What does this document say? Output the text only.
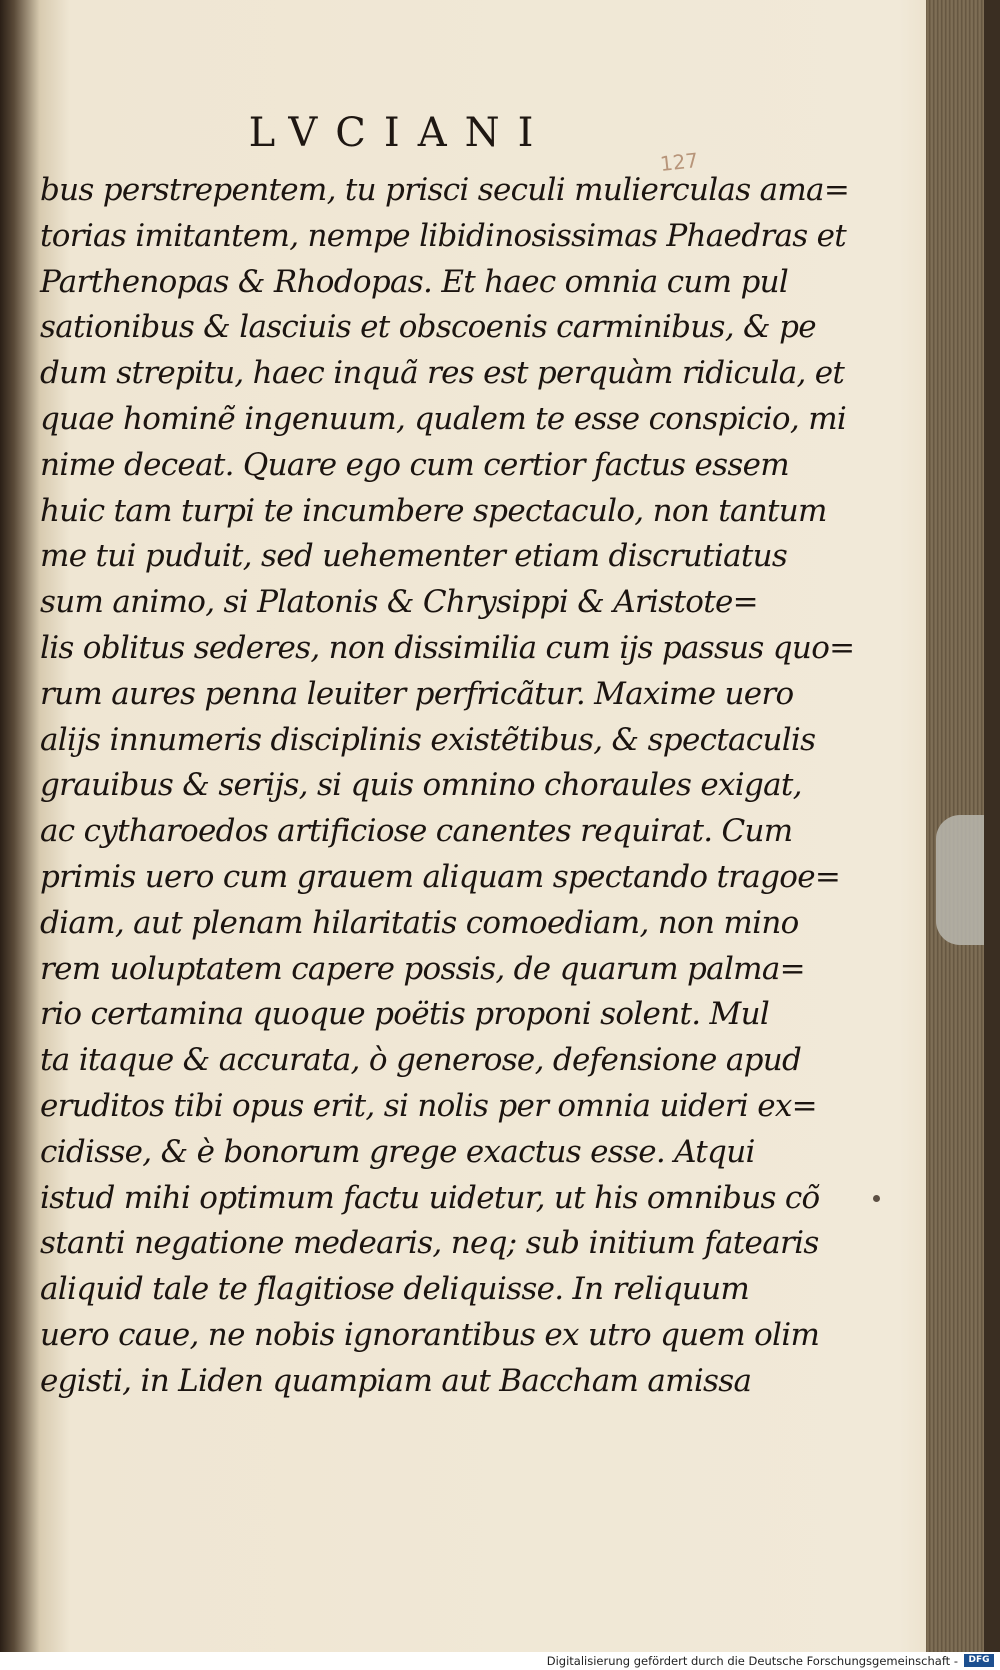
LVCIANI
127
bus perstrepentem, tu prisci seculi mulierculas ama=
torias imitantem, nempe libidinosissimas Phaedras et
Parthenopas & Rhodopas. Et haec omnia cum pul
sationibus & lasciuis et obscoenis carminibus, & pe
dum strepitu, haec inquã res est perquàm ridicula, et
quae hominẽ ingenuum, qualem te esse conspicio, mi
nime deceat. Quare ego cum certior factus essem
huic tam turpi te incumbere spectaculo, non tantum
me tui puduit, sed uehementer etiam discrutiatus
sum animo, si Platonis & Chrysippi & Aristote=
lis oblitus sederes, non dissimilia cum ijs passus quo=
rum aures penna leuiter perfricãtur. Maxime uero
alijs innumeris disciplinis existẽtibus, & spectaculis
grauibus & serijs, si quis omnino choraules exigat,
ac cytharoedos artificiose canentes requirat. Cum
primis uero cum grauem aliquam spectando tragoe=
diam, aut plenam hilaritatis comoediam, non mino
rem uoluptatem capere possis, de quarum palma=
rio certamina quoque poëtis proponi solent. Mul
ta itaque & accurata, ò generose, defensione apud
eruditos tibi opus erit, si nolis per omnia uideri ex=
cidisse, & è bonorum grege exactus esse. Atqui
istud mihi optimum factu uidetur, ut his omnibus cõ
stanti negatione medearis, neq; sub initium fatearis
aliquid tale te flagitiose deliquisse. In reliquum
uero caue, ne nobis ignorantibus ex utro quem olim
egisti, in Liden quampiam aut Baccham amissa
Digitalisierung gefördert durch die Deutsche Forschungsgemeinschaft -	DFG
